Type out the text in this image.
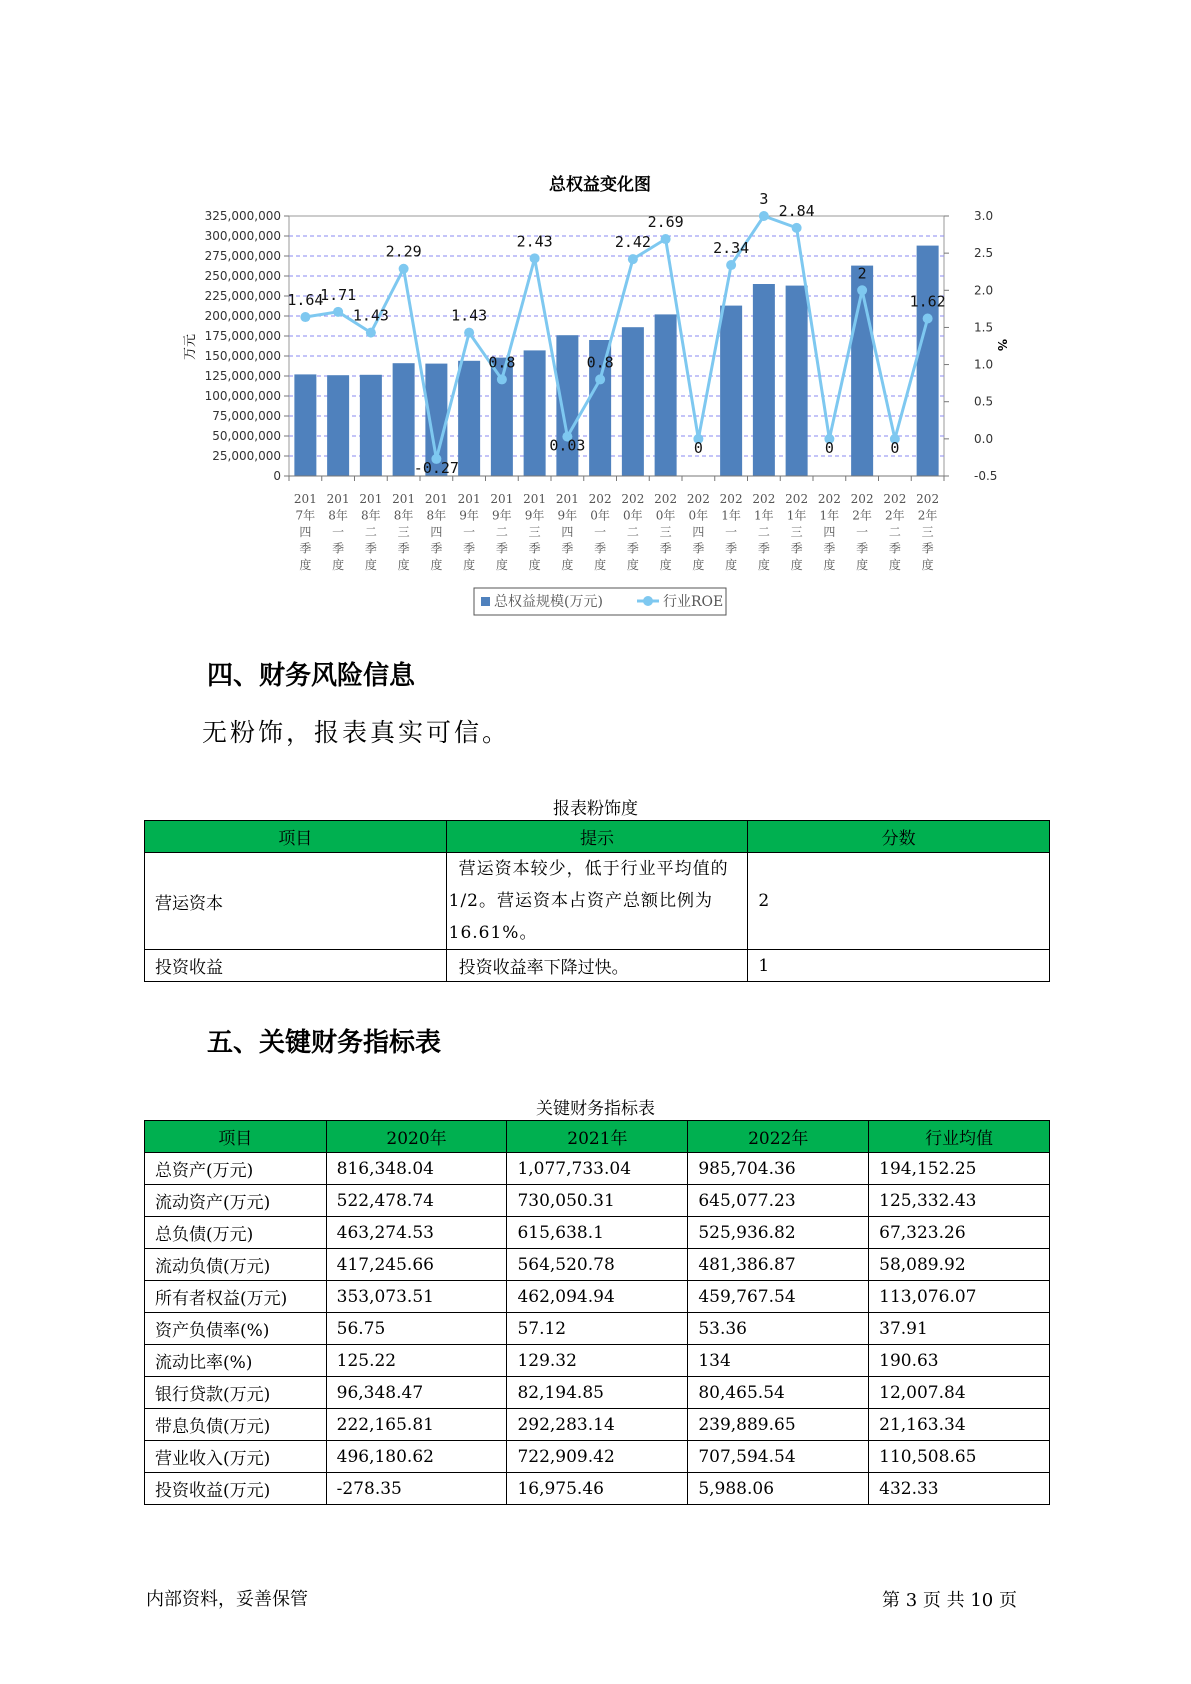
总权益变化图
1.64
1.71
1.43
2.29
-0.27
1.43
0.8
2.43
0.03
0.8
2.42
2.69
0
2.34
3
2.84
0
2
0
1.62
325,000,000
300,000,000
275,000,000
250,000,000
225,000,000
200,000,000
175,000,000
150,000,000
125,000,000
100,000,000
75,000,000
50,000,000
25,000,000
0
3.0
2.5
2.0
1.5
1.0
0.5
0.0
-0.5
201
7年
四
季
度
201
8年
一
季
度
201
8年
二
季
度
201
8年
三
季
度
201
8年
四
季
度
201
9年
一
季
度
201
9年
二
季
度
201
9年
三
季
度
201
9年
四
季
度
202
0年
一
季
度
202
0年
二
季
度
202
0年
三
季
度
202
0年
四
季
度
202
1年
一
季
度
202
1年
二
季
度
202
1年
三
季
度
202
1年
四
季
度
202
2年
一
季
度
202
2年
二
季
度
202
2年
三
季
度
万元	%
总权益规模(万元)	行业ROE
四、财务风险信息
无粉饰，报表真实可信。
报表粉饰度
项目	提示	分数
营运资本	营运资本较少，低于行业平均值的1/2。营运资本占资产总额比例为16.61%。	2
投资收益	投资收益率下降过快。	1
五、关键财务指标表
关键财务指标表
项目	2020年	2021年	2022年	行业均值
总资产(万元)	816,348.04	1,077,733.04	985,704.36	194,152.25
流动资产(万元)	522,478.74	730,050.31	645,077.23	125,332.43
总负债(万元)	463,274.53	615,638.1	525,936.82	67,323.26
流动负债(万元)	417,245.66	564,520.78	481,386.87	58,089.92
所有者权益(万元)	353,073.51	462,094.94	459,767.54	113,076.07
资产负债率(%)	56.75	57.12	53.36	37.91
流动比率(%)	125.22	129.32	134	190.63
银行贷款(万元)	96,348.47	82,194.85	80,465.54	12,007.84
带息负债(万元)	222,165.81	292,283.14	239,889.65	21,163.34
营业收入(万元)	496,180.62	722,909.42	707,594.54	110,508.65
投资收益(万元)	-278.35	16,975.46	5,988.06	432.33
内部资料，妥善保管	第 3 页 共 10 页
